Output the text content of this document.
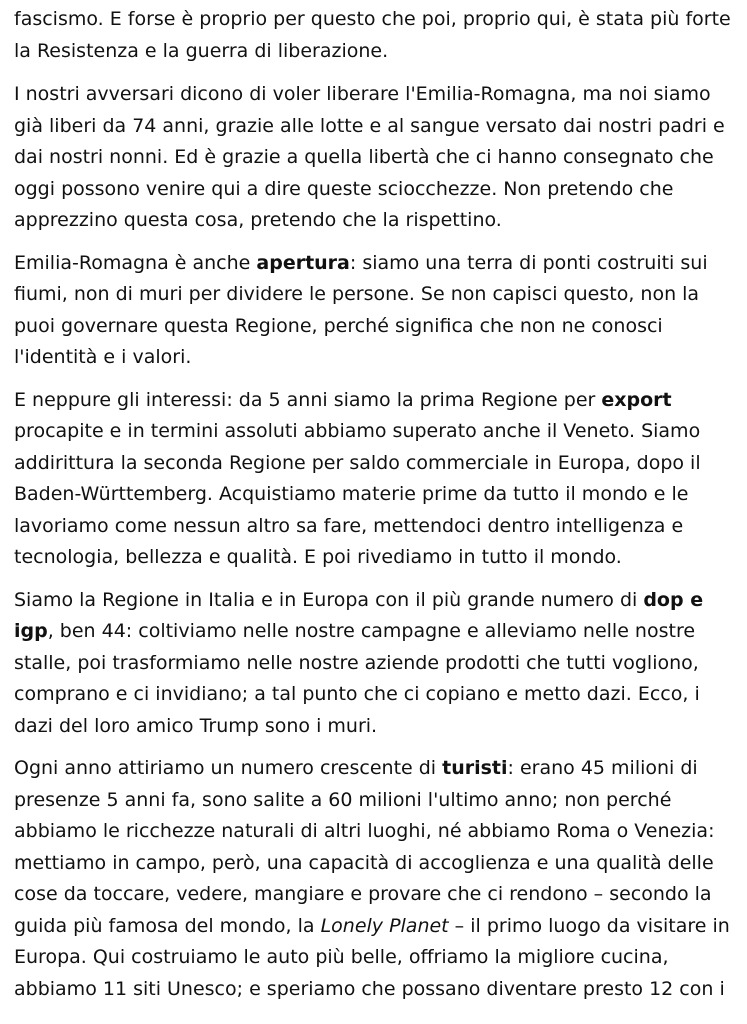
fascismo. E forse è proprio per questo che poi, proprio qui, è stata più forte la Resistenza e la guerra di liberazione.

I nostri avversari dicono di voler liberare l'Emilia-Romagna, ma noi siamo già liberi da 74 anni, grazie alle lotte e al sangue versato dai nostri padri e dai nostri nonni. Ed è grazie a quella libertà che ci hanno consegnato che oggi possono venire qui a dire queste sciocchezze. Non pretendo che apprezzino questa cosa, pretendo che la rispettino.

Emilia-Romagna è anche apertura: siamo una terra di ponti costruiti sui fiumi, non di muri per dividere le persone. Se non capisci questo, non la puoi governare questa Regione, perché significa che non ne conosci l'identità e i valori.

E neppure gli interessi: da 5 anni siamo la prima Regione per export procapite e in termini assoluti abbiamo superato anche il Veneto. Siamo addirittura la seconda Regione per saldo commerciale in Europa, dopo il Baden-Württemberg. Acquistiamo materie prime da tutto il mondo e le lavoriamo come nessun altro sa fare, mettendoci dentro intelligenza e tecnologia, bellezza e qualità. E poi rivediamo in tutto il mondo.

Siamo la Regione in Italia e in Europa con il più grande numero di dop e igp, ben 44: coltiviamo nelle nostre campagne e alleviamo nelle nostre stalle, poi trasformiamo nelle nostre aziende prodotti che tutti vogliono, comprano e ci invidiano; a tal punto che ci copiano e metto dazi. Ecco, i dazi del loro amico Trump sono i muri.

Ogni anno attiriamo un numero crescente di turisti: erano 45 milioni di presenze 5 anni fa, sono salite a 60 milioni l'ultimo anno; non perché abbiamo le ricchezze naturali di altri luoghi, né abbiamo Roma o Venezia: mettiamo in campo, però, una capacità di accoglienza e una qualità delle cose da toccare, vedere, mangiare e provare che ci rendono – secondo la guida più famosa del mondo, la Lonely Planet – il primo luogo da visitare in Europa. Qui costruiamo le auto più belle, offriamo la migliore cucina, abbiamo 11 siti Unesco; e speriamo che possano diventare presto 12 con i
